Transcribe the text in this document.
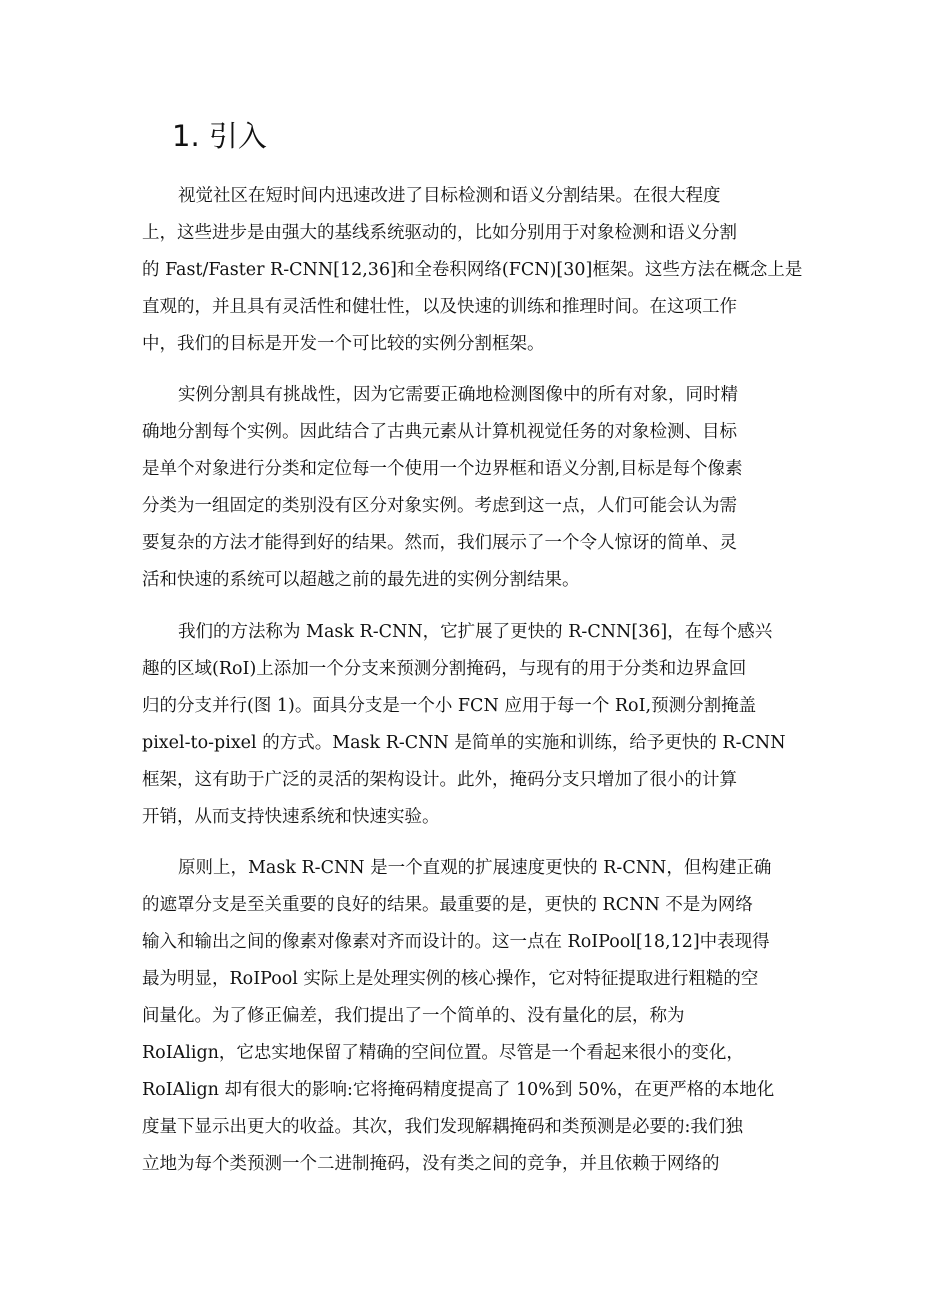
1. 引入

视觉社区在短时间内迅速改进了目标检测和语义分割结果。在很大程度

上，这些进步是由强大的基线系统驱动的，比如分别用于对象检测和语义分割

的 Fast/Faster R-CNN[12,36]和全卷积网络(FCN)[30]框架。这些方法在概念上是

直观的，并且具有灵活性和健壮性，以及快速的训练和推理时间。在这项工作

中，我们的目标是开发一个可比较的实例分割框架。

实例分割具有挑战性，因为它需要正确地检测图像中的所有对象，同时精

确地分割每个实例。因此结合了古典元素从计算机视觉任务的对象检测、目标

是单个对象进行分类和定位每一个使用一个边界框和语义分割,目标是每个像素

分类为一组固定的类别没有区分对象实例。考虑到这一点，人们可能会认为需

要复杂的方法才能得到好的结果。然而，我们展示了一个令人惊讶的简单、灵

活和快速的系统可以超越之前的最先进的实例分割结果。

我们的方法称为 Mask R-CNN，它扩展了更快的 R-CNN[36]，在每个感兴

趣的区域(RoI)上添加一个分支来预测分割掩码，与现有的用于分类和边界盒回

归的分支并行(图 1)。面具分支是一个小 FCN 应用于每一个 RoI,预测分割掩盖

pixel-to-pixel 的方式。Mask R-CNN 是简单的实施和训练，给予更快的 R-CNN

框架，这有助于广泛的灵活的架构设计。此外，掩码分支只增加了很小的计算

开销，从而支持快速系统和快速实验。

原则上，Mask R-CNN 是一个直观的扩展速度更快的 R-CNN，但构建正确

的遮罩分支是至关重要的良好的结果。最重要的是，更快的 RCNN 不是为网络

输入和输出之间的像素对像素对齐而设计的。这一点在 RoIPool[18,12]中表现得

最为明显，RoIPool 实际上是处理实例的核心操作，它对特征提取进行粗糙的空

间量化。为了修正偏差，我们提出了一个简单的、没有量化的层，称为

RoIAlign，它忠实地保留了精确的空间位置。尽管是一个看起来很小的变化，

RoIAlign 却有很大的影响:它将掩码精度提高了 10%到 50%，在更严格的本地化

度量下显示出更大的收益。其次，我们发现解耦掩码和类预测是必要的:我们独

立地为每个类预测一个二进制掩码，没有类之间的竞争，并且依赖于网络的
